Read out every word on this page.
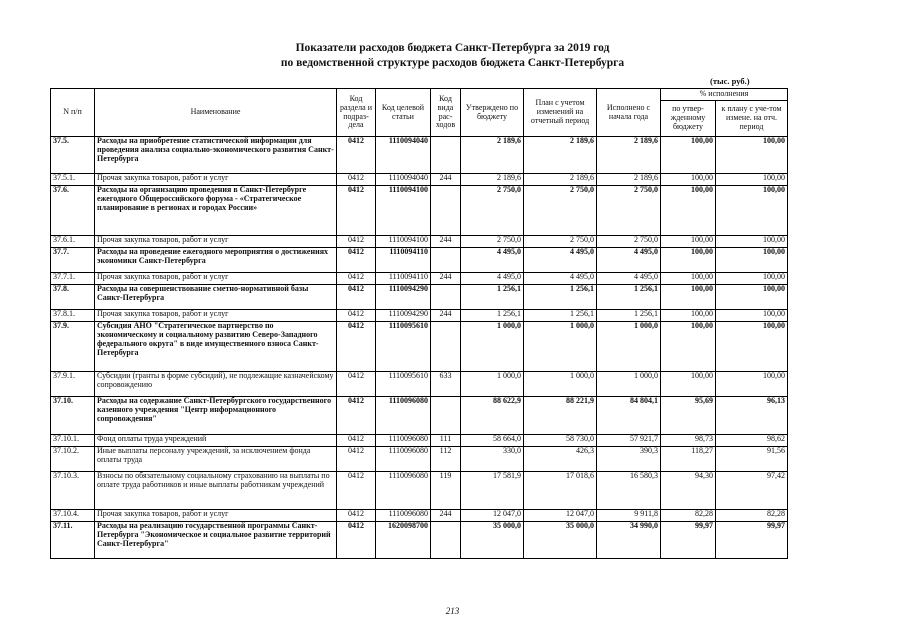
Показатели расходов бюджета Санкт-Петербурга за 2019 год
по ведомственной структуре расходов бюджета Санкт-Петербурга
(тыс. руб.)
N п/п	Наименование	Код раздела и подраз-дела	Код целевой статьи	Код вида рас-ходов	Утверждено по бюджету	План с учетом изменений на отчетный период	Исполнено с начала года	% исполнения	
								по утвер-жденному бюджету	к плану с уче-том измене. на отч. период
37.5.	Расходы на приобретение статистической информации для проведения анализа социально-экономического развития Санкт-Петербурга	0412	1110094040		2 189,6	2 189,6	2 189,6	100,00	100,00
37.5.1.	Прочая закупка товаров, работ и услуг	0412	1110094040	244	2 189,6	2 189,6	2 189,6	100,00	100,00
37.6.	Расходы на организацию проведения в Санкт-Петербурге ежегодного Общероссийского форума - «Стратегическое планирование в регионах и городах России»	0412	1110094100		2 750,0	2 750,0	2 750,0	100,00	100,00
37.6.1.	Прочая закупка товаров, работ и услуг	0412	1110094100	244	2 750,0	2 750,0	2 750,0	100,00	100,00
37.7.	Расходы на проведение ежегодного мероприятия о достижениях экономики Санкт-Петербурга	0412	1110094110		4 495,0	4 495,0	4 495,0	100,00	100,00
37.7.1.	Прочая закупка товаров, работ и услуг	0412	1110094110	244	4 495,0	4 495,0	4 495,0	100,00	100,00
37.8.	Расходы на совершенствование сметно-нормативной базы Санкт-Петербурга	0412	1110094290		1 256,1	1 256,1	1 256,1	100,00	100,00
37.8.1.	Прочая закупка товаров, работ и услуг	0412	1110094290	244	1 256,1	1 256,1	1 256,1	100,00	100,00
37.9.	Субсидия АНО "Стратегическое партнерство по экономическому и социальному развитию Северо-Западного федерального округа" в виде имущественного взноса Санкт-Петербурга	0412	1110095610		1 000,0	1 000,0	1 000,0	100,00	100,00
37.9.1.	Субсидии (гранты в форме субсидий), не подлежащие казначейскому сопровождению	0412	1110095610	633	1 000,0	1 000,0	1 000,0	100,00	100,00
37.10.	Расходы на содержание Санкт-Петербургского государственного казенного учреждения "Центр информационного сопровождения"	0412	1110096080		88 622,9	88 221,9	84 804,1	95,69	96,13
37.10.1.	Фонд оплаты труда учреждений	0412	1110096080	111	58 664,0	58 730,0	57 921,7	98,73	98,62
37.10.2.	Иные выплаты персоналу учреждений, за исключением фонда оплаты труда	0412	1110096080	112	330,0	426,3	390,3	118,27	91,56
37.10.3.	Взносы по обязательному социальному страхованию на выплаты по оплате труда работников и иные выплаты работникам учреждений	0412	1110096080	119	17 581,9	17 018,6	16 580,3	94,30	97,42
37.10.4.	Прочая закупка товаров, работ и услуг	0412	1110096080	244	12 047,0	12 047,0	9 911,8	82,28	82,28
37.11.	Расходы на реализацию государственной программы Санкт-Петербурга "Экономическое и социальное развитие территорий Санкт-Петербурга"	0412	1620098700		35 000,0	35 000,0	34 990,0	99,97	99,97
213
